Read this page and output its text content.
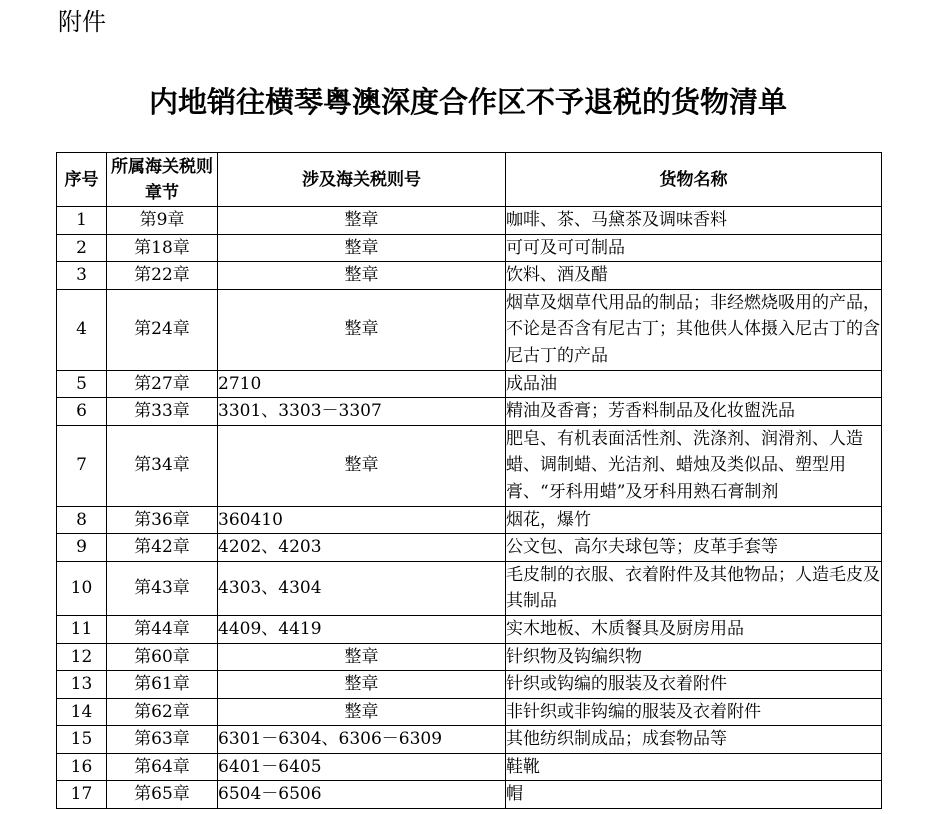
附件
内地销往横琴粤澳深度合作区不予退税的货物清单
序号	所属海关税则章节	涉及海关税则号	货物名称
1	第9章	整章	咖啡、茶、马黛茶及调味香料
2	第18章	整章	可可及可可制品
3	第22章	整章	饮料、酒及醋
4	第24章	整章	烟草及烟草代用品的制品；非经燃烧吸用的产品，不论是否含有尼古丁；其他供人体摄入尼古丁的含尼古丁的产品
5	第27章	2710	成品油
6	第33章	3301、3303－3307	精油及香膏；芳香料制品及化妆盥洗品
7	第34章	整章	肥皂、有机表面活性剂、洗涤剂、润滑剂、人造蜡、调制蜡、光洁剂、蜡烛及类似品、塑型用膏、“牙科用蜡”及牙科用熟石膏制剂
8	第36章	360410	烟花，爆竹
9	第42章	4202、4203	公文包、高尔夫球包等；皮革手套等
10	第43章	4303、4304	毛皮制的衣服、衣着附件及其他物品；人造毛皮及其制品
11	第44章	4409、4419	实木地板、木质餐具及厨房用品
12	第60章	整章	针织物及钩编织物
13	第61章	整章	针织或钩编的服装及衣着附件
14	第62章	整章	非针织或非钩编的服装及衣着附件
15	第63章	6301－6304、6306－6309	其他纺织制成品；成套物品等
16	第64章	6401－6405	鞋靴
17	第65章	6504－6506	帽
